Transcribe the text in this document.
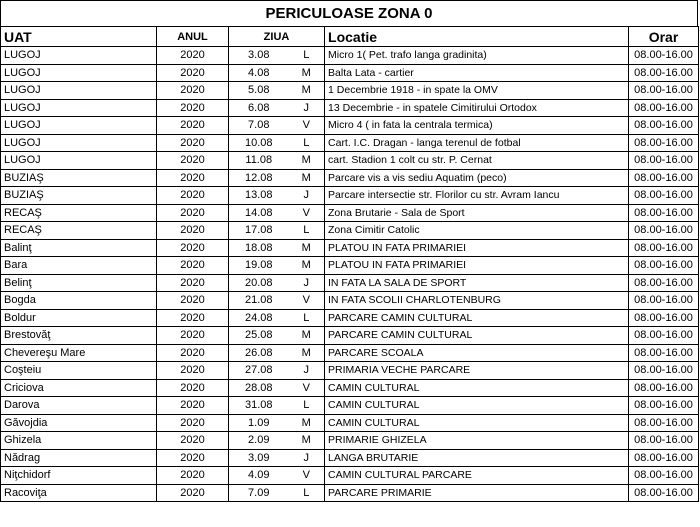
PERICULOASE ZONA 0
UAT	ANUL	ZIUA		Locatie	Orar
LUGOJ	2020	3.08	L	Micro 1( Pet. trafo langa gradinita)	08.00-16.00
LUGOJ	2020	4.08	M	Balta Lata - cartier	08.00-16.00
LUGOJ	2020	5.08	M	1 Decembrie 1918 - in spate la OMV	08.00-16.00
LUGOJ	2020	6.08	J	13 Decembrie - in spatele Cimitirului Ortodox	08.00-16.00
LUGOJ	2020	7.08	V	Micro 4 ( in fata la centrala termica)	08.00-16.00
LUGOJ	2020	10.08	L	Cart. I.C. Dragan - langa terenul de fotbal	08.00-16.00
LUGOJ	2020	11.08	M	cart. Stadion 1 colt cu str. P. Cernat	08.00-16.00
BUZIAŞ	2020	12.08	M	Parcare vis a vis sediu Aquatim (peco)	08.00-16.00
BUZIAŞ	2020	13.08	J	Parcare intersectie str. Florilor cu str. Avram Iancu	08.00-16.00
RECAŞ	2020	14.08	V	Zona Brutarie - Sala de Sport	08.00-16.00
RECAŞ	2020	17.08	L	Zona Cimitir Catolic	08.00-16.00
Balinţ	2020	18.08	M	PLATOU IN FATA PRIMARIEI	08.00-16.00
Bara	2020	19.08	M	PLATOU IN FATA PRIMARIEI	08.00-16.00
Belinţ	2020	20.08	J	IN FATA LA SALA DE SPORT	08.00-16.00
Bogda	2020	21.08	V	IN FATA SCOLII CHARLOTENBURG	08.00-16.00
Boldur	2020	24.08	L	PARCARE CAMIN CULTURAL	08.00-16.00
Brestovăţ	2020	25.08	M	PARCARE CAMIN CULTURAL	08.00-16.00
Chevereşu Mare	2020	26.08	M	PARCARE SCOALA	08.00-16.00
Coşteiu	2020	27.08	J	PRIMARIA VECHE PARCARE	08.00-16.00
Criciova	2020	28.08	V	CAMIN CULTURAL	08.00-16.00
Darova	2020	31.08	L	CAMIN CULTURAL	08.00-16.00
Găvojdia	2020	1.09	M	CAMIN CULTURAL	08.00-16.00
Ghizela	2020	2.09	M	PRIMARIE GHIZELA	08.00-16.00
Nădrag	2020	3.09	J	LANGA BRUTARIE	08.00-16.00
Niţchidorf	2020	4.09	V	CAMIN CULTURAL PARCARE	08.00-16.00
Racoviţa	2020	7.09	L	PARCARE PRIMARIE	08.00-16.00
